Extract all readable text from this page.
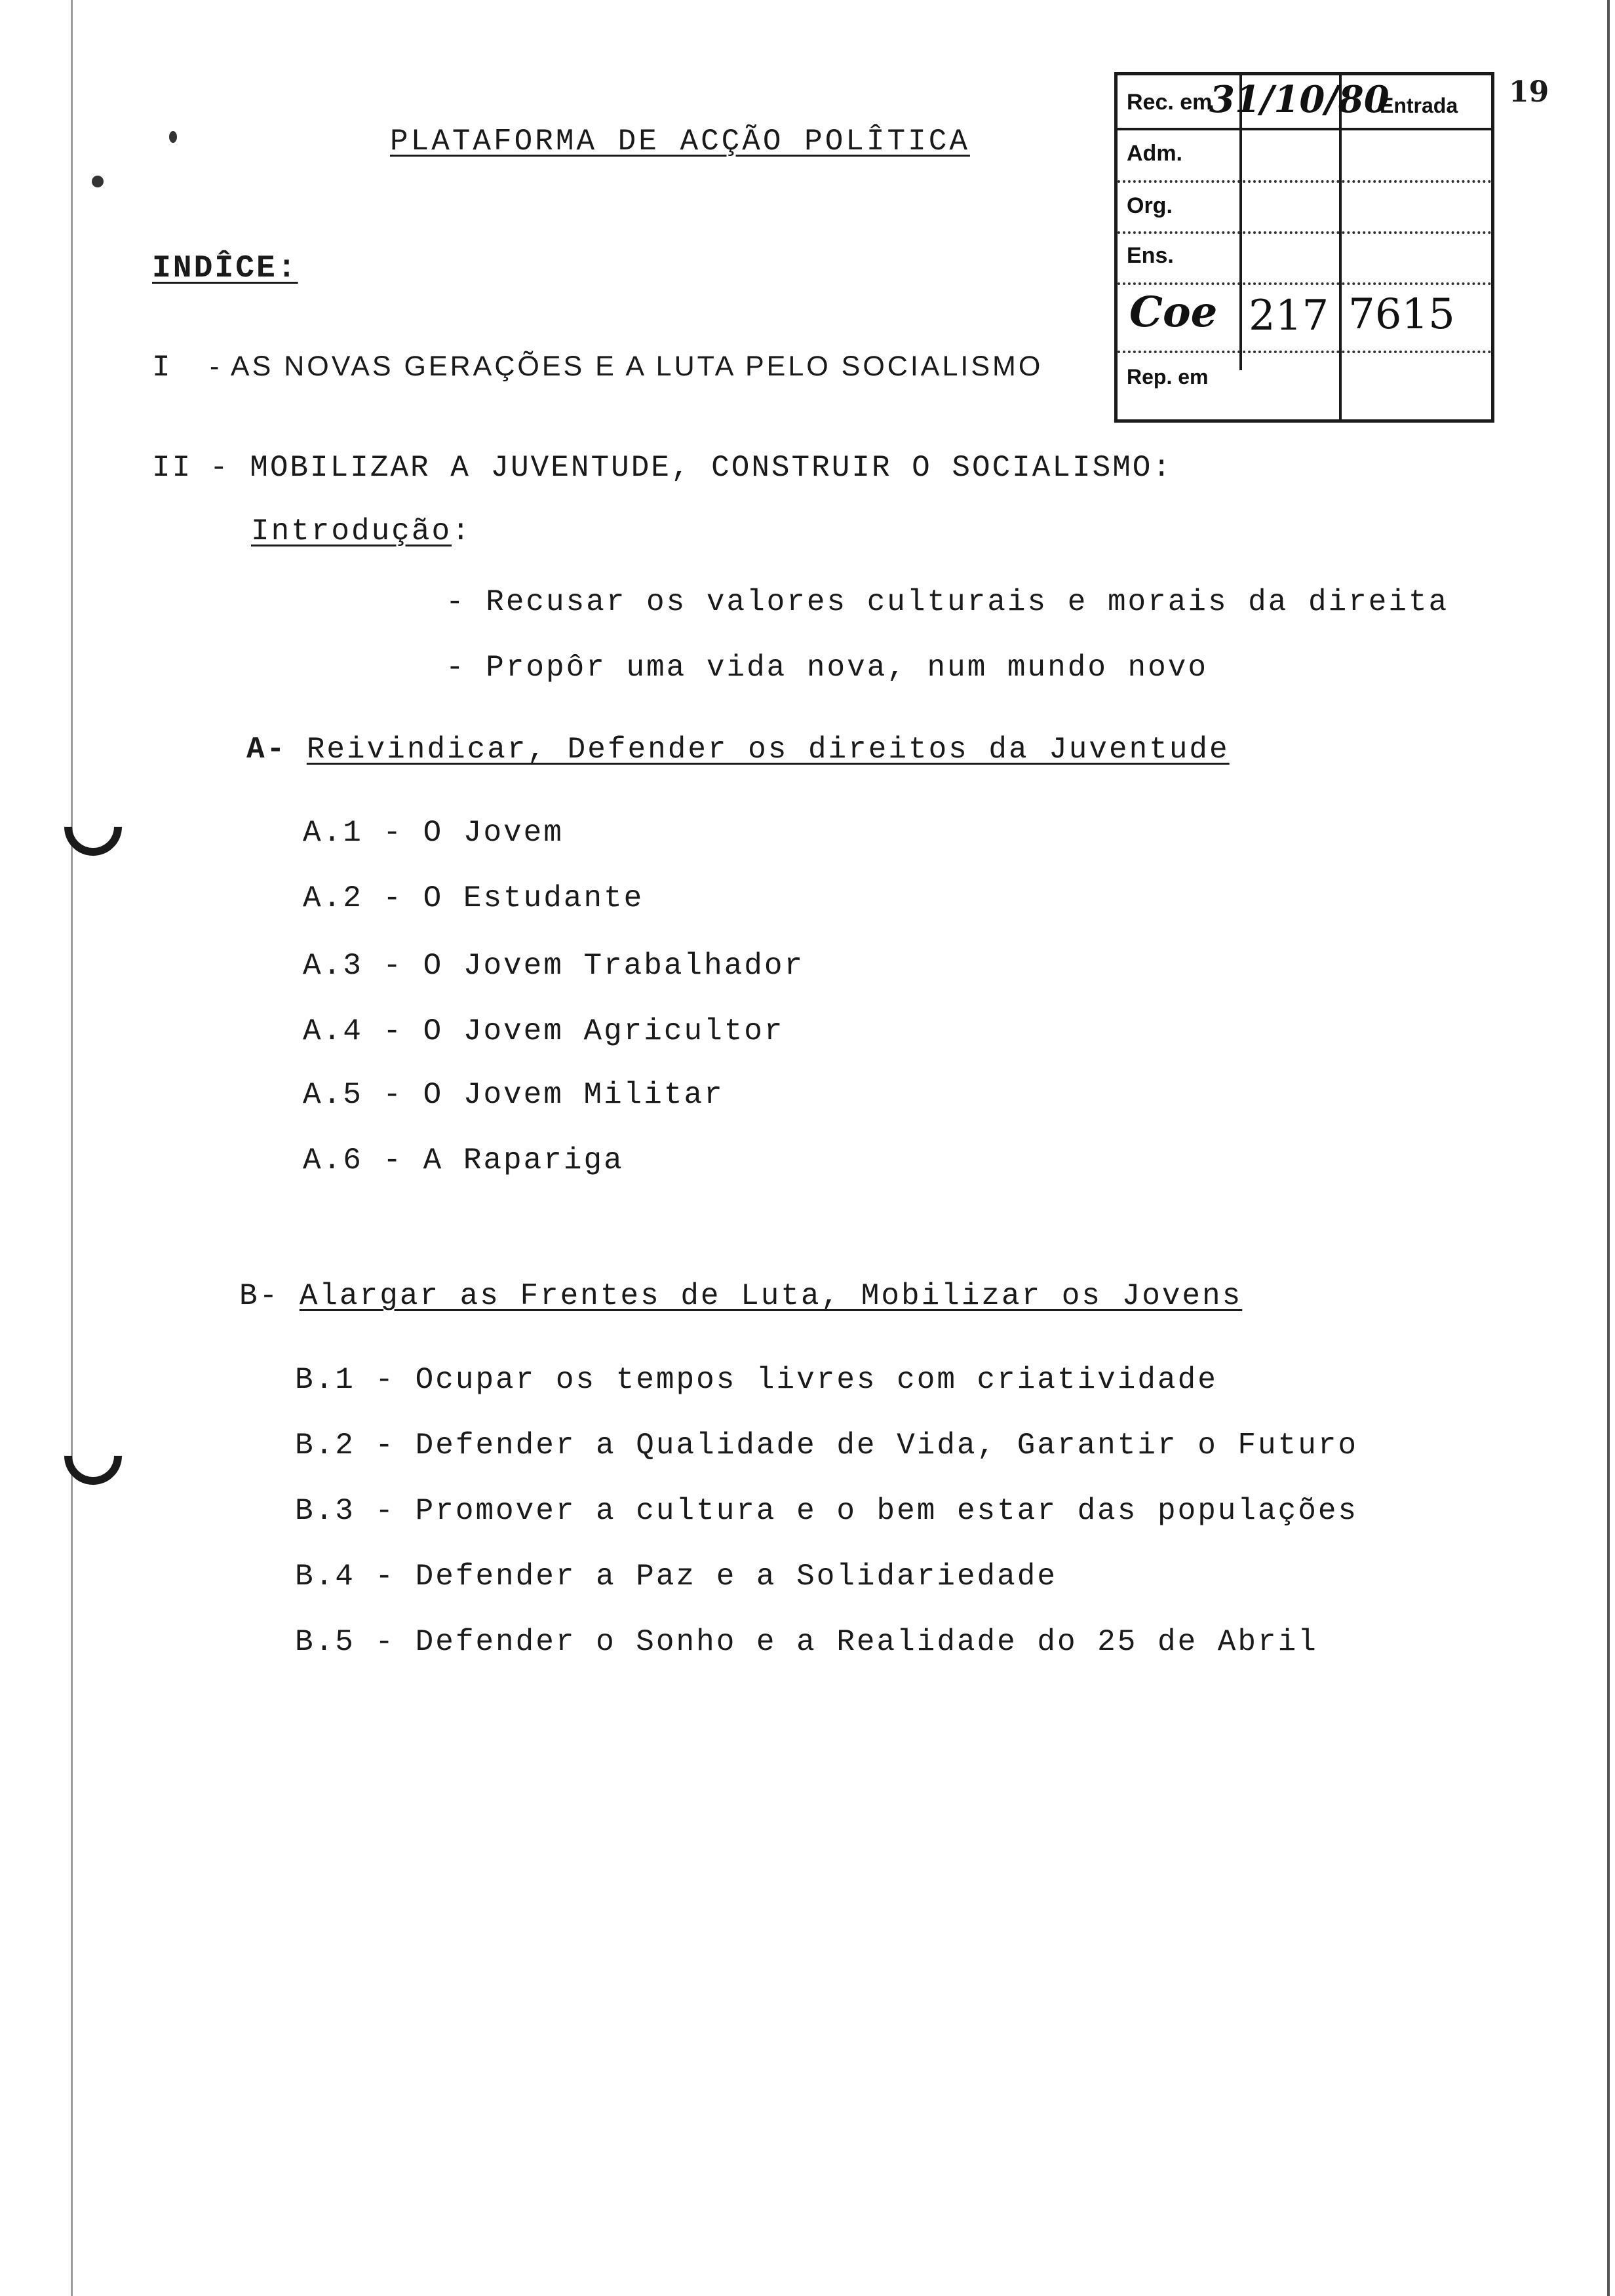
PLATAFORMA DE ACÇÃO POLÎTICA
INDÎCE:
I - AS NOVAS GERAÇÕES E A LUTA PELO SOCIALISMO
II - MOBILIZAR A JUVENTUDE, CONSTRUIR O SOCIALISMO:
Introdução:
- Recusar os valores culturais e morais da direita
- Propôr uma vida nova, num mundo novo
A- Reivindicar, Defender os direitos da Juventude
A.1 - O Jovem
A.2 - O Estudante
A.3 - O Jovem Trabalhador
A.4 - O Jovem Agricultor
A.5 - O Jovem Militar
A.6 - A Rapariga
B- Alargar as Frentes de Luta, Mobilizar os Jovens
B.1 - Ocupar os tempos livres com criatividade
B.2 - Defender a Qualidade de Vida, Garantir o Futuro
B.3 - Promover a cultura e o bem estar das populações
B.4 - Defender a Paz e a Solidariedade
B.5 - Defender o Sonho e a Realidade do 25 de Abril
19
Rec. em
31/10/80
Entrada
Adm.
Org.
Ens.
Coe 217 7615
Rep. em
